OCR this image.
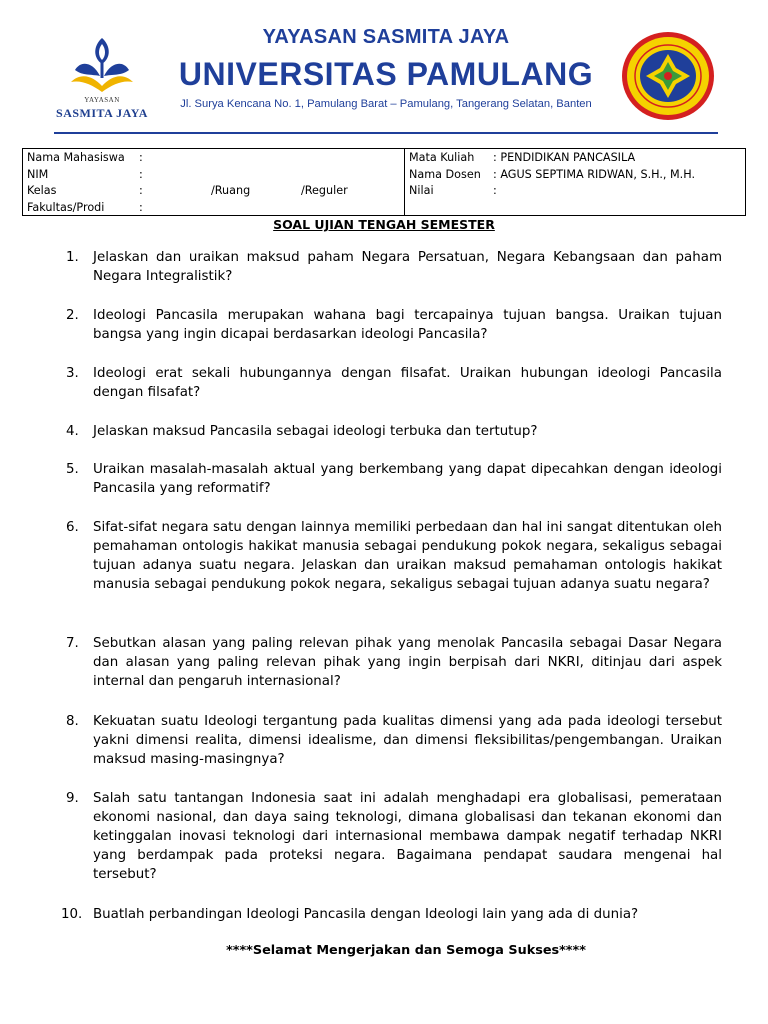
YAYASAN
SASMITA JAYA
YAYASAN SASMITA JAYA
UNIVERSITAS PAMULANG
Jl. Surya Kencana No. 1, Pamulang Barat – Pamulang, Tangerang Selatan, Banten
Nama Mahasiswa :
NIM	:
Kelas	:	/Ruang	/Reguler
Fakultas/Prodi	:
Mata Kuliah : PENDIDIKAN PANCASILA
Nama Dosen : AGUS SEPTIMA RIDWAN, S.H., M.H.
Nilai	:
SOAL UJIAN TENGAH SEMESTER
1.	Jelaskan dan uraikan maksud paham Negara Persatuan, Negara Kebangsaan dan paham Negara Integralistik?
2.	Ideologi Pancasila merupakan wahana bagi tercapainya tujuan bangsa. Uraikan tujuan bangsa yang ingin dicapai berdasarkan ideologi Pancasila?
3.	Ideologi erat sekali hubungannya dengan filsafat. Uraikan hubungan ideologi Pancasila dengan filsafat?
4.	Jelaskan maksud Pancasila sebagai ideologi terbuka dan tertutup?
5.	Uraikan masalah-masalah aktual yang berkembang yang dapat dipecahkan dengan ideologi Pancasila yang reformatif?
6.	Sifat-sifat negara satu dengan lainnya memiliki perbedaan dan hal ini sangat ditentukan oleh pemahaman ontologis hakikat manusia sebagai pendukung pokok negara, sekaligus sebagai tujuan adanya suatu negara. Jelaskan dan uraikan maksud pemahaman ontologis hakikat manusia sebagai pendukung pokok negara, sekaligus sebagai tujuan adanya suatu negara?
7.	Sebutkan alasan yang paling relevan pihak yang menolak Pancasila sebagai Dasar Negara dan alasan yang paling relevan pihak yang ingin berpisah dari NKRI, ditinjau dari aspek internal dan pengaruh internasional?
8.	Kekuatan suatu Ideologi tergantung pada kualitas dimensi yang ada pada ideologi tersebut yakni dimensi realita, dimensi idealisme, dan dimensi fleksibilitas/pengembangan. Uraikan maksud masing-masingnya?
9.	Salah satu tantangan Indonesia saat ini adalah menghadapi era globalisasi, pemerataan ekonomi nasional, dan daya saing teknologi, dimana globalisasi dan tekanan ekonomi dan ketinggalan inovasi teknologi dari internasional membawa dampak negatif terhadap NKRI yang berdampak pada proteksi negara. Bagaimana pendapat saudara mengenai hal tersebut?
10. Buatlah perbandingan Ideologi Pancasila dengan Ideologi lain yang ada di dunia?
****Selamat Mengerjakan dan Semoga Sukses****
